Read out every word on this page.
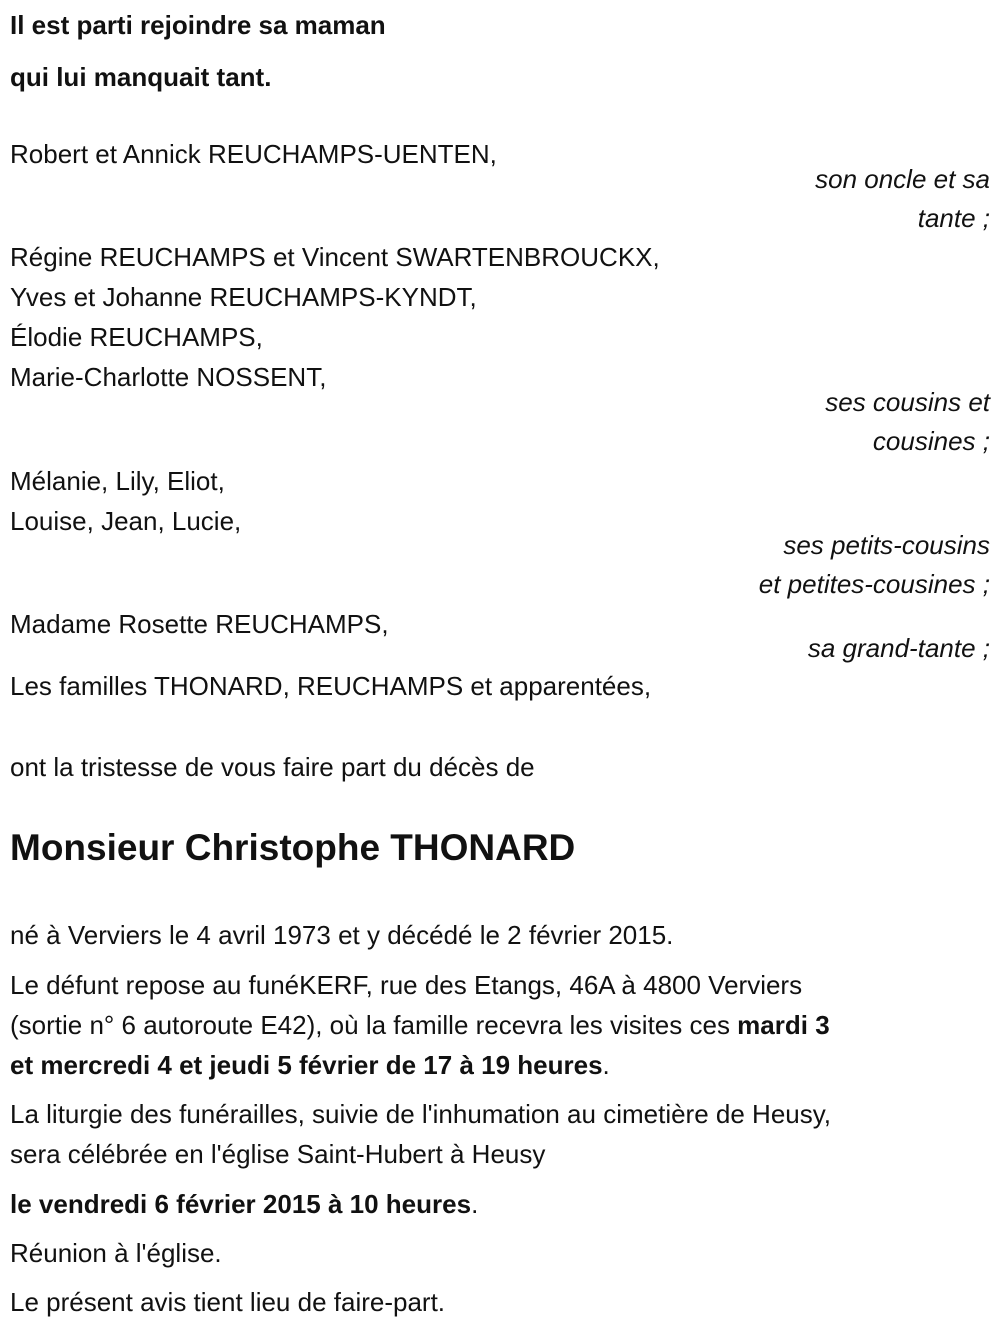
Il est parti rejoindre sa maman
qui lui manquait tant.
Robert et Annick REUCHAMPS-UENTEN,
son oncle et sa
tante ;
Régine REUCHAMPS et Vincent SWARTENBROUCKX,
Yves et Johanne REUCHAMPS-KYNDT,
Élodie REUCHAMPS,
Marie-Charlotte NOSSENT,
ses cousins et
cousines ;
Mélanie, Lily, Eliot,
Louise, Jean, Lucie,
ses petits-cousins
et petites-cousines ;
Madame Rosette REUCHAMPS,
sa grand-tante ;
Les familles THONARD, REUCHAMPS et apparentées,
ont la tristesse de vous faire part du décès de
Monsieur Christophe THONARD
né à Verviers le 4 avril 1973 et y décédé le 2 février 2015.
Le défunt repose au funéKERF, rue des Etangs, 46A à 4800 Verviers
(sortie n° 6 autoroute E42), où la famille recevra les visites ces mardi 3
et mercredi 4 et jeudi 5 février de 17 à 19 heures.
La liturgie des funérailles, suivie de l'inhumation au cimetière de Heusy,
sera célébrée en l'église Saint-Hubert à Heusy
le vendredi 6 février 2015 à 10 heures.
Réunion à l'église.
Le présent avis tient lieu de faire-part.
